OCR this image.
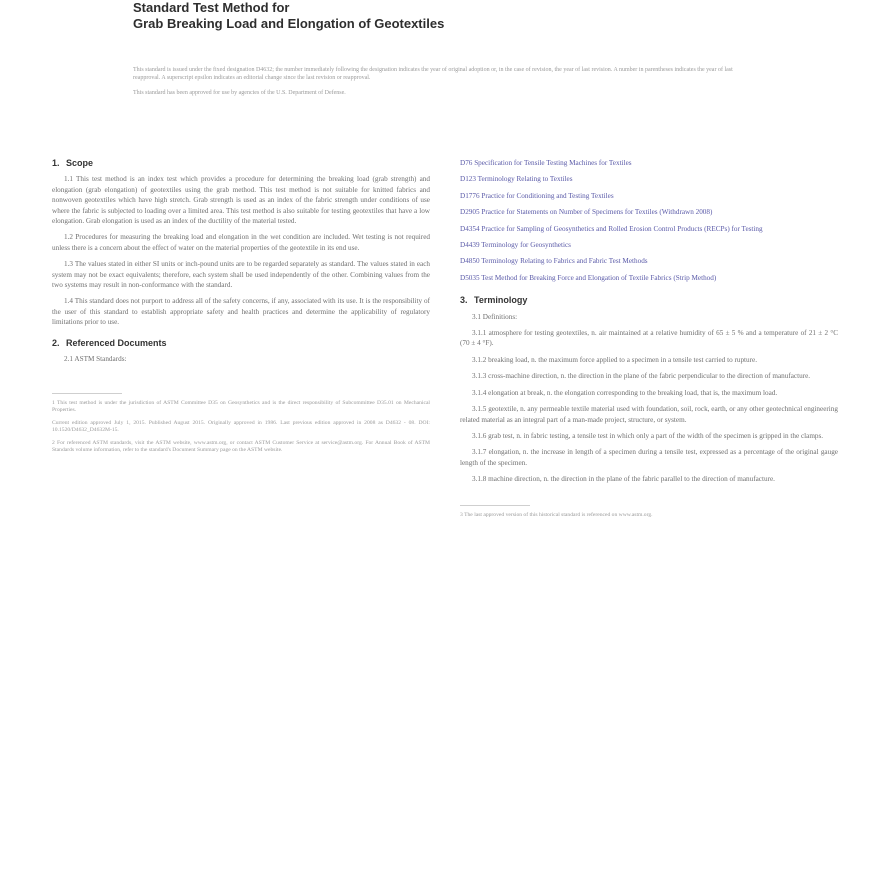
Standard Test Method for
Grab Breaking Load and Elongation of Geotextiles

This standard is issued under the fixed designation D4632; the number immediately following the designation indicates the year of original adoption or, in the case of revision, the year of last revision. A number in parentheses indicates the year of last reapproval. A superscript epsilon indicates an editorial change since the last revision or reapproval.

This standard has been approved for use by agencies of the U.S. Department of Defense.

1. Scope

1.1 This test method is an index test which provides a procedure for determining the breaking load (grab strength) and elongation (grab elongation) of geotextiles using the grab method. This test method is not suitable for knitted fabrics and nonwoven geotextiles which have high stretch. Grab strength is used as an index of the fabric strength under conditions of use where the fabric is subjected to loading over a limited area. This test method is also suitable for testing geotextiles that have a low elongation. Grab elongation is used as an index of the ductility of the material tested.

1.2 Procedures for measuring the breaking load and elongation in the wet condition are included. Wet testing is not required unless there is a concern about the effect of water on the material properties of the geotextile in its end use.

1.3 The values stated in either SI units or inch-pound units are to be regarded separately as standard. The values stated in each system may not be exact equivalents; therefore, each system shall be used independently of the other. Combining values from the two systems may result in non-conformance with the standard.

1.4 This standard does not purport to address all of the safety concerns, if any, associated with its use. It is the responsibility of the user of this standard to establish appropriate safety and health practices and determine the applicability of regulatory limitations prior to use.

2. Referenced Documents

2.1 ASTM Standards:

1 This test method is under the jurisdiction of ASTM Committee D35 on Geosynthetics and is the direct responsibility of Subcommittee D35.01 on Mechanical Properties.

Current edition approved July 1, 2015. Published August 2015. Originally approved in 1986. Last previous edition approved in 2008 as D4632 - 08. DOI: 10.1520/D4632_D4632M-15.

2 For referenced ASTM standards, visit the ASTM website, www.astm.org, or contact ASTM Customer Service at service@astm.org. For Annual Book of ASTM Standards volume information, refer to the standard's Document Summary page on the ASTM website.

D76 Specification for Tensile Testing Machines for Textiles

D123 Terminology Relating to Textiles

D1776 Practice for Conditioning and Testing Textiles

D2905 Practice for Statements on Number of Specimens for Textiles (Withdrawn 2008)

D4354 Practice for Sampling of Geosynthetics and Rolled Erosion Control Products (RECPs) for Testing

D4439 Terminology for Geosynthetics

D4850 Terminology Relating to Fabrics and Fabric Test Methods

D5035 Test Method for Breaking Force and Elongation of Textile Fabrics (Strip Method)

3. Terminology

3.1 Definitions:

3.1.1 atmosphere for testing geotextiles, n. air maintained at a relative humidity of 65 ± 5 % and a temperature of 21 ± 2 °C (70 ± 4 °F).

3.1.2 breaking load, n. the maximum force applied to a specimen in a tensile test carried to rupture.

3.1.3 cross-machine direction, n. the direction in the plane of the fabric perpendicular to the direction of manufacture.

3.1.4 elongation at break, n. the elongation corresponding to the breaking load, that is, the maximum load.

3.1.5 geotextile, n. any permeable textile material used with foundation, soil, rock, earth, or any other geotechnical engineering related material as an integral part of a man-made project, structure, or system.

3.1.6 grab test, n. in fabric testing, a tensile test in which only a part of the width of the specimen is gripped in the clamps.

3.1.7 elongation, n. the increase in length of a specimen during a tensile test, expressed as a percentage of the original gauge length of the specimen.

3.1.8 machine direction, n. the direction in the plane of the fabric parallel to the direction of manufacture.

3 The last approved version of this historical standard is referenced on www.astm.org.
